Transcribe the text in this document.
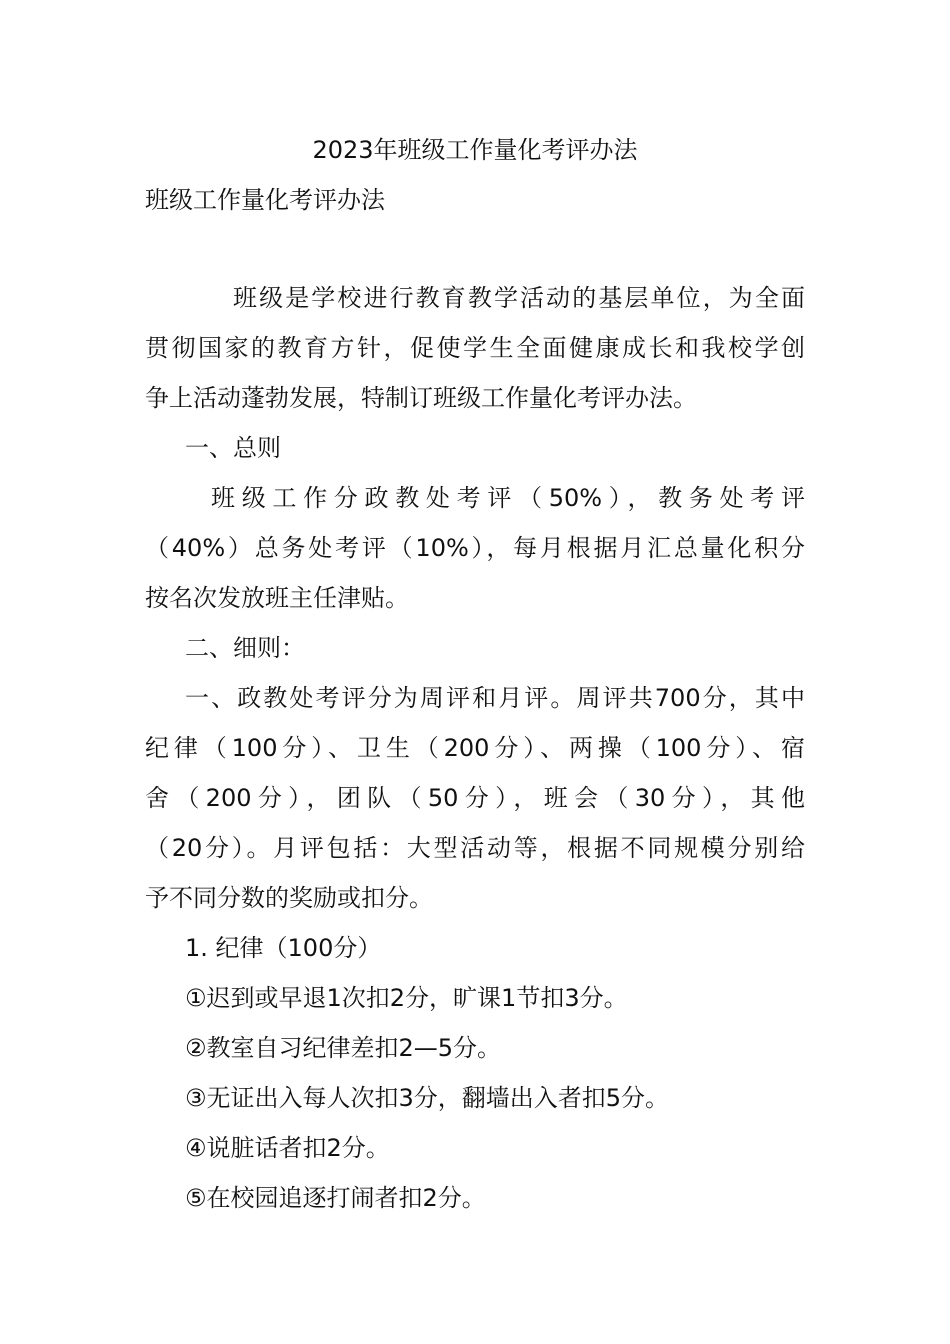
2023年班级工作量化考评办法
班级工作量化考评办法
班级是学校进行教育教学活动的基层单位，为全面
贯彻国家的教育方针，促使学生全面健康成长和我校学创
争上活动蓬勃发展，特制订班级工作量化考评办法。
一、总则
班级工作分政教处考评（50%），教务处考评
（40%）总务处考评（10%），每月根据月汇总量化积分
按名次发放班主任津贴。
二、细则：
一、政教处考评分为周评和月评。周评共700分，其中
纪律（100分）、卫生（200分）、两操（100分）、宿
舍（200分），团队（50分），班会（30分），其他
（20分）。月评包括：大型活动等，根据不同规模分别给
予不同分数的奖励或扣分。
1. 纪律（100分）
①迟到或早退1次扣2分，旷课1节扣3分。
②教室自习纪律差扣2—5分。
③无证出入每人次扣3分，翻墙出入者扣5分。
④说脏话者扣2分。
⑤在校园追逐打闹者扣2分。
